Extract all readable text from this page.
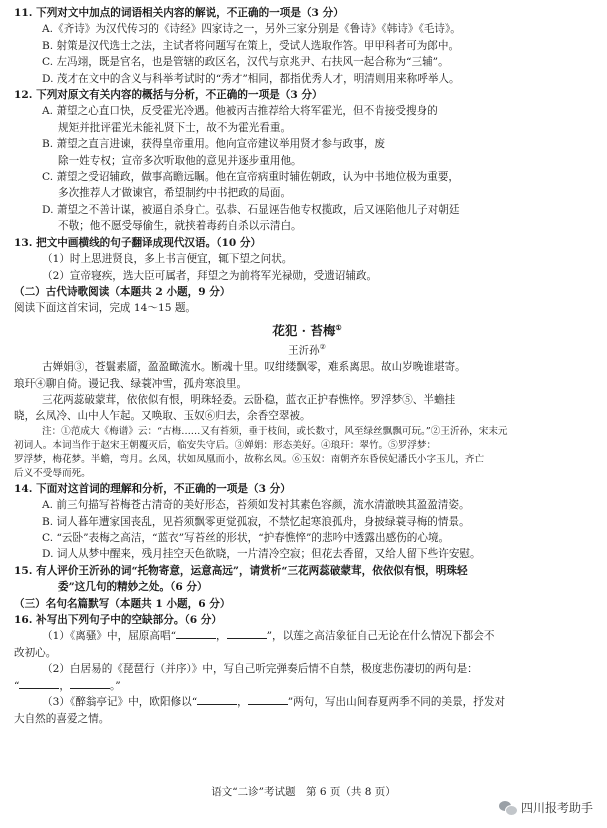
11. 下列对文中加点的词语相关内容的解说，不正确的一项是（3 分）

A.《齐诗》为汉代传习的《诗经》四家诗之一，另外三家分别是《鲁诗》《韩诗》《毛诗》。

B. 射策是汉代选士之法，主试者将问题写在策上，受试人选取作答。甲甲科者可为郎中。

C. 左冯翊，既是官名，也是管辖的政区名，汉代与京兆尹、右扶风一起合称为“三辅”。

D. 茂才在文中的含义与科举考试时的“秀才”相同，都指优秀人才，明清则用来称呼举人。

12. 下列对原文有关内容的概括与分析，不正确的一项是（3 分）

A. 萧望之心直口快，反受霍光冷遇。他被丙吉推荐给大将军霍光，但不肯接受搜身的

规矩并批评霍光未能礼贤下士，故不为霍光看重。

B. 萧望之直言进谏，获得皇帝重用。他向宣帝建议举用贤才参与政事，废

除一姓专权；宣帝多次听取他的意见并逐步重用他。

C. 萧望之受诏辅政，做事高瞻远瞩。他在宣帝病重时辅佐朝政，认为中书地位极为重要，

多次推荐人才做谏官，希望制约中书把政的局面。

D. 萧望之不善计谋，被逼自杀身亡。弘恭、石显诬告他专权揽政，后又诬陷他儿子对朝廷

不敬；他不愿受辱偷生，就挟着毒药自杀以示清白。

13. 把文中画横线的句子翻译成现代汉语。（10 分）

（1）时上思进贤良，多上书言便宜，辄下望之问状。

（2）宣帝寝疾，选大臣可属者，拜望之为前将军光禄勋，受遗诏辅政。

（二）古代诗歌阅读（本题共 2 小题，9 分）

阅读下面这首宋词，完成 14～15 题。

花犯 · 苔梅①

王沂孙②

古婵娟③，苍鬟素靥，盈盈瞰流水。断魂十里。叹绀缕飘零，难系离思。故山岁晚谁堪寄。

琅玕④聊自倚。谩记我、绿蓑冲雪，孤舟寒浪里。

三花两蕊破蒙茸，依依似有恨，明珠轻委。云卧稳，蓝衣正护春憔悴。罗浮梦⑤、半蟾挂

晓，幺凤冷、山中人乍起。又唤取、玉奴⑥归去，余香空翠被。

注：①范成大《梅谱》云：“古梅……又有苔须，垂于枝间，或长数寸，风至绿丝飘飘可玩。”②王沂孙，宋末元

初词人。本词当作于赵宋王朝覆灭后，临安失守后。③婵娟：形态美好。④琅玕：翠竹。⑤罗浮梦：

罗浮梦，梅花梦。半蟾，弯月。幺凤，状如凤凰而小，故称幺凤。⑥玉奴：南朝齐东昏侯妃潘氏小字玉儿，齐亡

后义不受辱而死。

14. 下面对这首词的理解和分析，不正确的一项是（3 分）

A. 前三句描写苔梅苍古清奇的美好形态，苔须如发衬其素色容颜，流水清澈映其盈盈清姿。

B. 词人暮年遭家国丧乱，见苔须飘零更觉孤寂，不禁忆起寒浪孤舟，身披绿蓑寻梅的情景。

C. “云卧”表梅之高洁，“蓝衣”写苔丝的形状，“护春憔悴”的悲吟中透露出感伤的心境。

D. 词人从梦中醒来，残月挂空天色欲晓，一片清冷空寂；但花去香留，又给人留下些许安慰。

15. 有人评价王沂孙的词“托物寄意，运意高远”，请赏析“三花两蕊破蒙茸，依依似有恨，明珠轻

委”这几句的精妙之处。（6 分）

（三）名句名篇默写（本题共 1 小题，6 分）

16. 补写出下列句子中的空缺部分。（6 分）

（1）《离骚》中，屈原高唱“	，	”，以莲之高洁象征自己无论在什么情况下都会不

改初心。

（2）白居易的《琵琶行（并序）》中，写自己听完弹奏后情不自禁，极度悲伤凄切的两句是：

“	，	。”

（3）《醉翁亭记》中，欧阳修以“	，	”两句，写出山间春夏两季不同的美景，抒发对

大自然的喜爱之情。

语文“二诊”考试题　第 6 页（共 8 页）
四川报考助手
